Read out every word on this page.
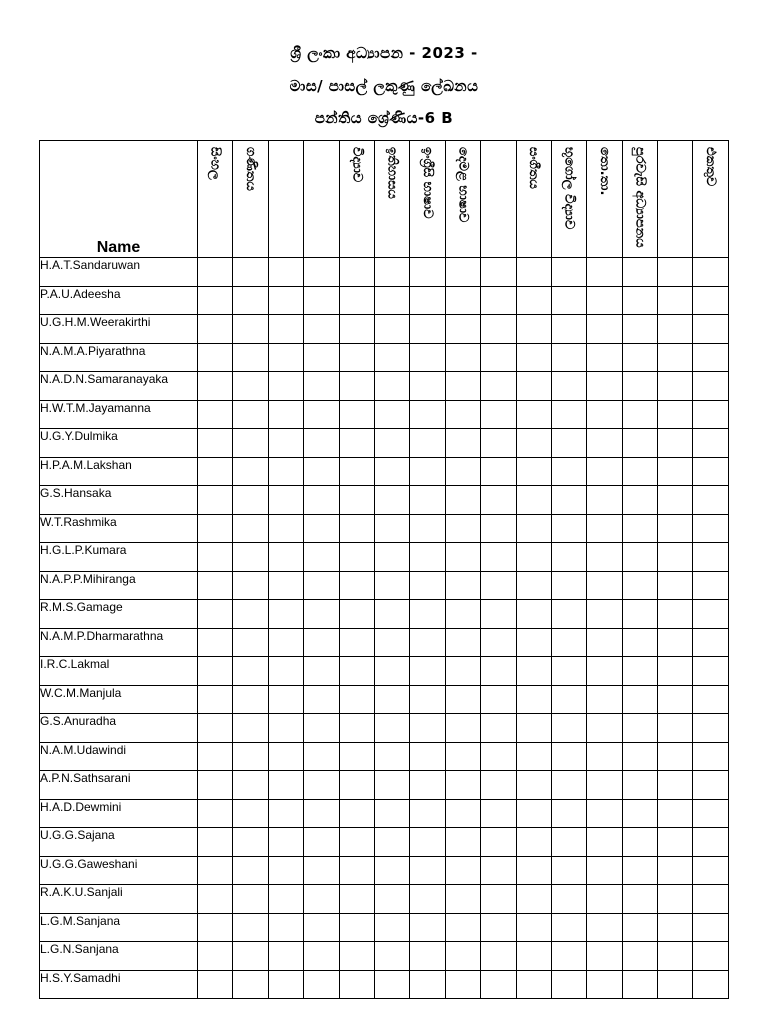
ශ්‍රී ලංකා අධ්‍යාපන - 2023 -
මාස/ පාසල් ලකුණු ලේඛනය
පන්තිය ශ්‍රේණිය-6 B
Name	සිංහල	ගණිතය			විද්‍යාව	ඉතිහාසය	ඉංග්‍රීසි භාෂාව	දෙමළ භාෂාව		සංගීතය	භූගෝල විද්‍යාව	තො.තා.	පුරවැසි අධ්‍යාපනය		එකතුව

H.A.T.Sandaruwan															
P.A.U.Adeesha															
U.G.H.M.Weerakirthi															
N.A.M.A.Piyarathna															
N.A.D.N.Samaranayaka															
H.W.T.M.Jayamanna															
U.G.Y.Dulmika															
H.P.A.M.Lakshan															
G.S.Hansaka															
W.T.Rashmika															
H.G.L.P.Kumara															
N.A.P.P.Mihiranga															
R.M.S.Gamage															
N.A.M.P.Dharmarathna															
I.R.C.Lakmal															
W.C.M.Manjula															
G.S.Anuradha															
N.A.M.Udawindi															
A.P.N.Sathsarani															
H.A.D.Dewmini															
U.G.G.Sajana															
U.G.G.Gaweshani															
R.A.K.U.Sanjali															
L.G.M.Sanjana															
L.G.N.Sanjana															
H.S.Y.Samadhi															
